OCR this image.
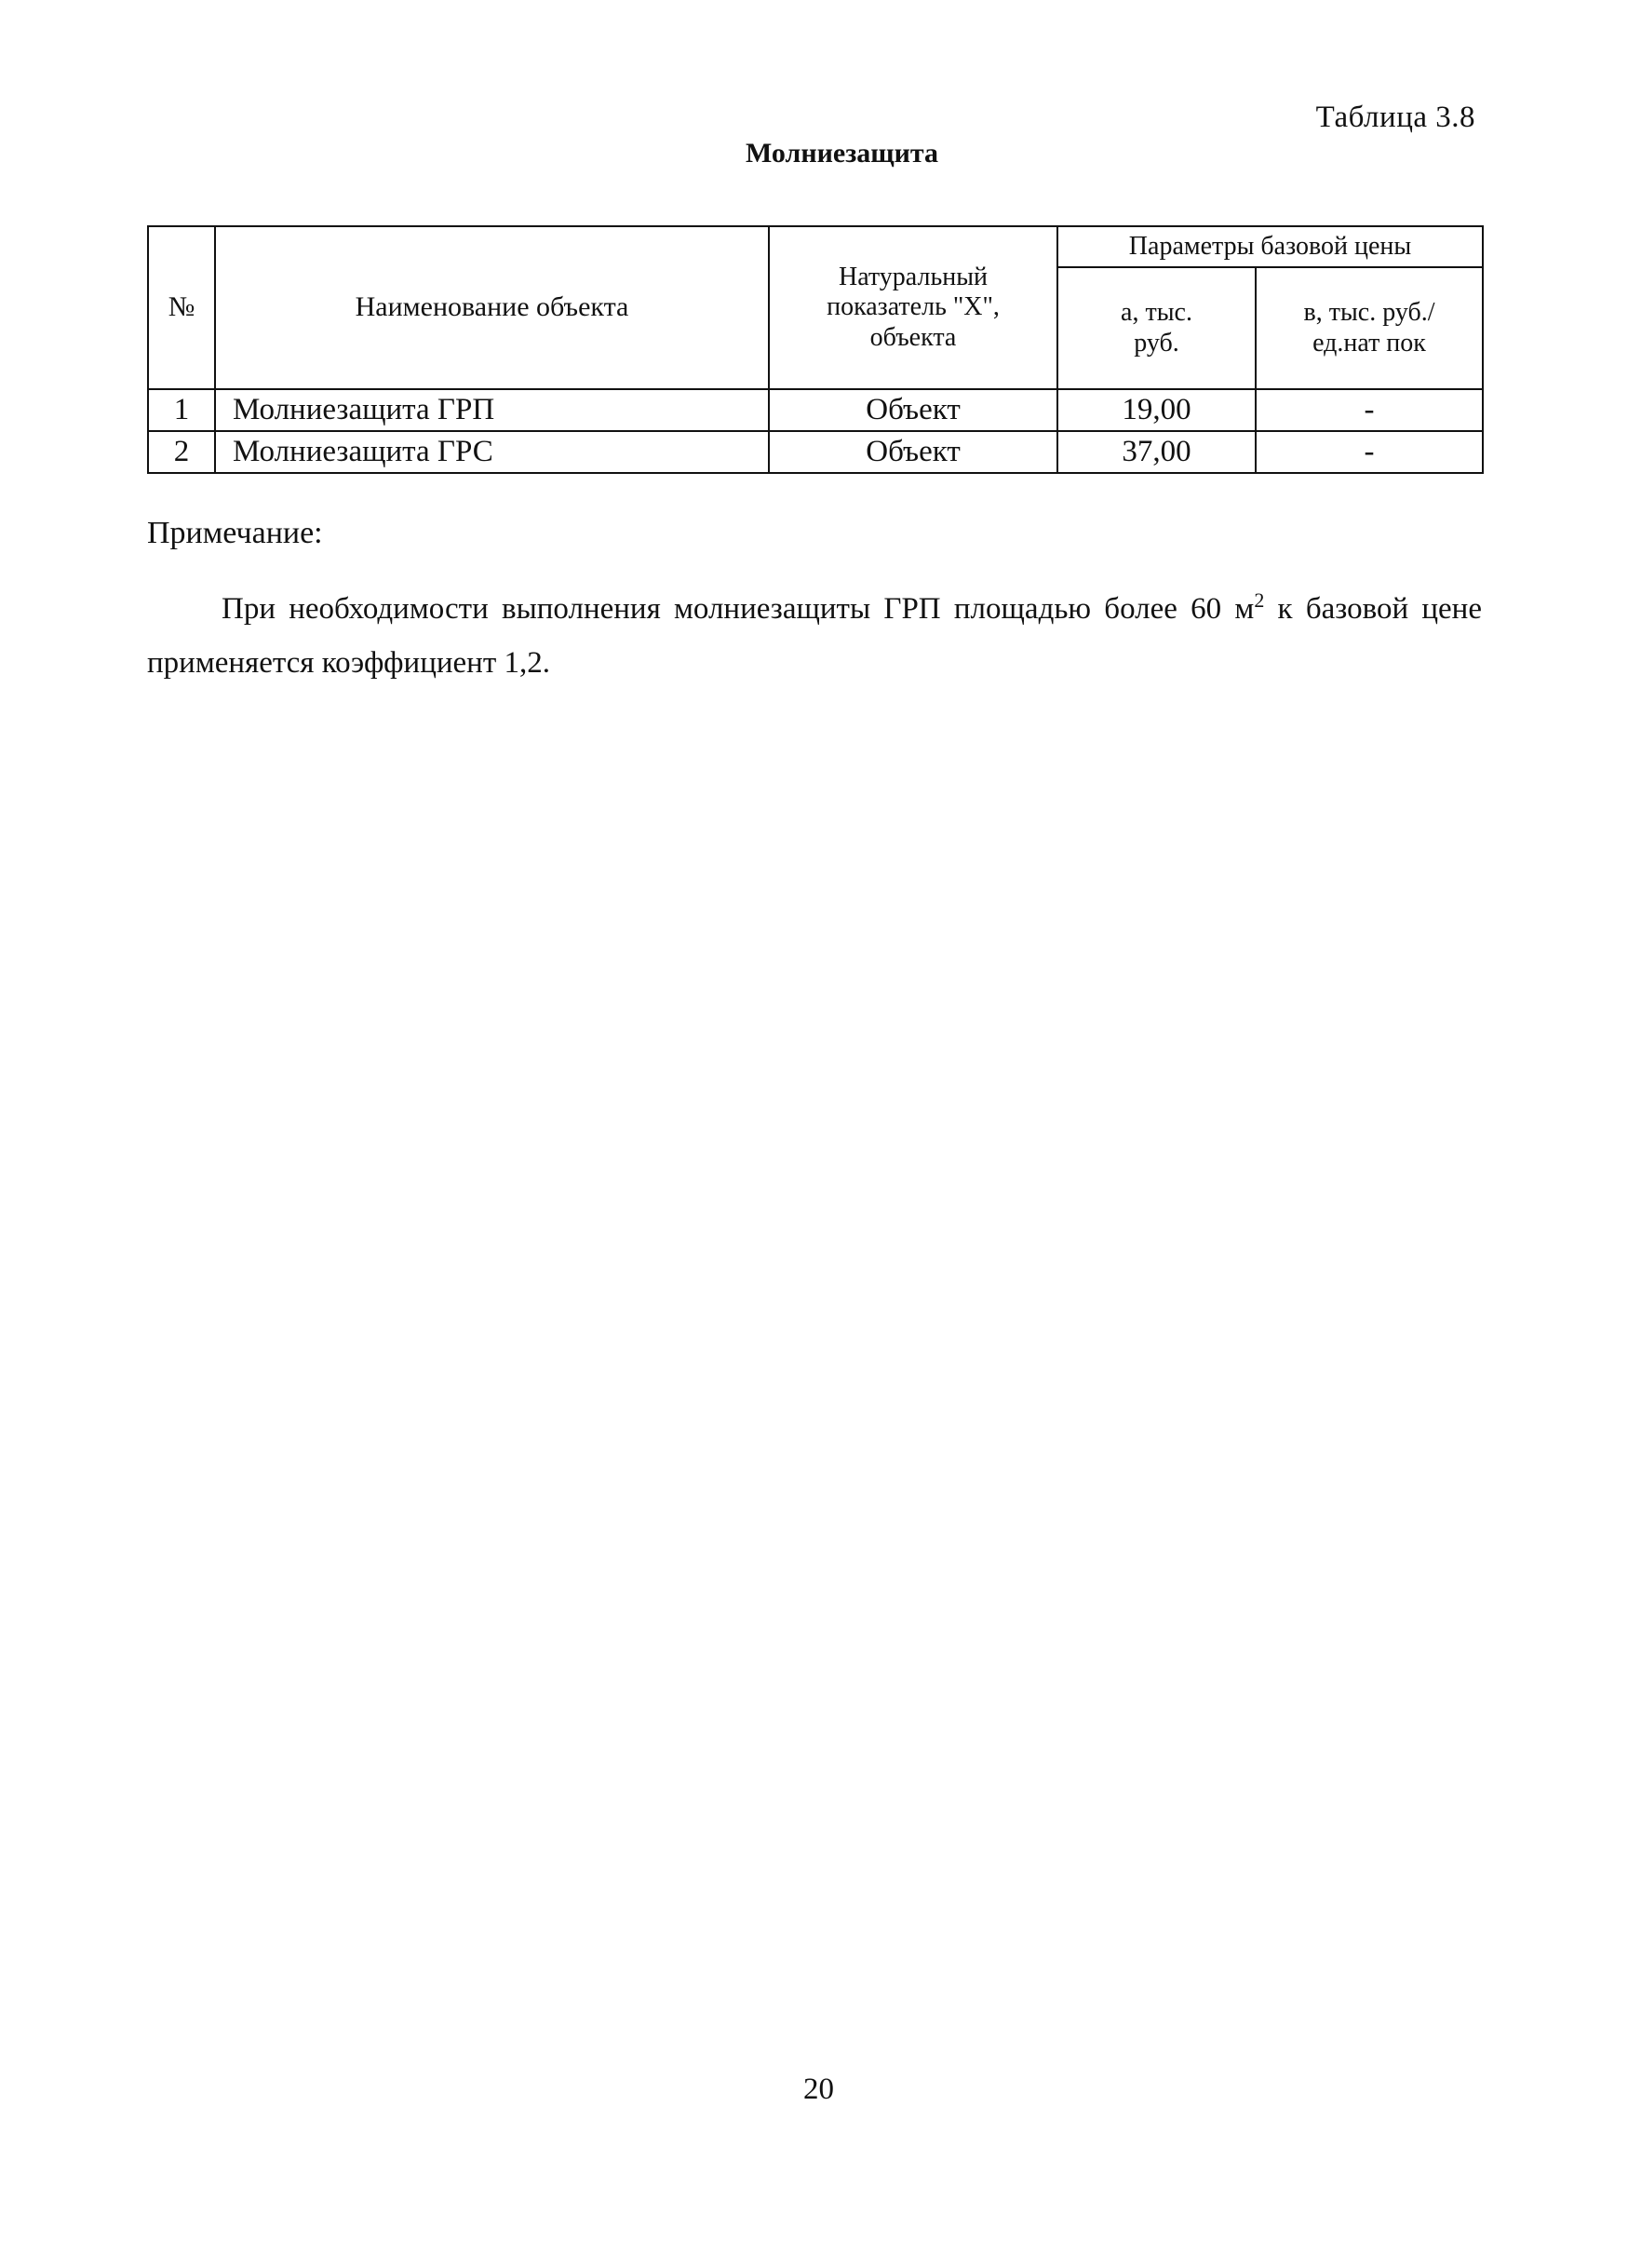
Таблица 3.8
Молниезащита
№	Наименование объекта	Натуральный показатель "Х", объекта	Параметры базовой цены	

			а, тыс. руб.	в, тыс. руб./ ед.нат пок

1	Молниезащита ГРП	Объект	19,00	-
2	Молниезащита ГРС	Объект	37,00	-
Примечание:
При необходимости выполнения молниезащиты ГРП площадью более 60 $м^2$ к базовой цене применяется коэффициент 1,2.
20
